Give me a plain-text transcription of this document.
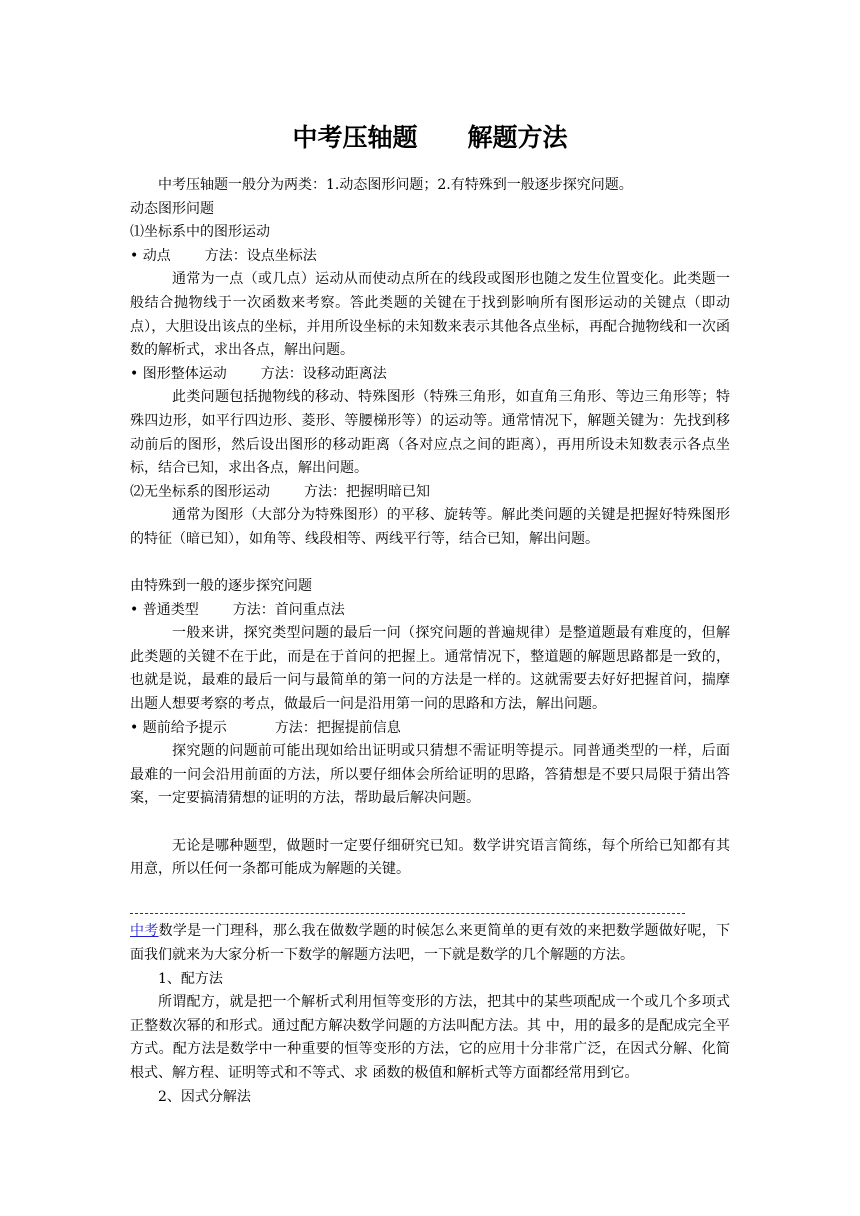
中考压轴题　　解题方法

中考压轴题一般分为两类：1.动态图形问题；2.有特殊到一般逐步探究问题。

动态图形问题

⑴坐标系中的图形运动

• 动点 方法：设点坐标法

通常为一点（或几点）运动从而使动点所在的线段或图形也随之发生位置变化。此类题一般结合抛物线于一次函数来考察。答此类题的关键在于找到影响所有图形运动的关键点（即动点），大胆设出该点的坐标，并用所设坐标的未知数来表示其他各点坐标，再配合抛物线和一次函数的解析式，求出各点，解出问题。

• 图形整体运动 方法：设移动距离法

此类问题包括抛物线的移动、特殊图形（特殊三角形，如直角三角形、等边三角形等；特殊四边形，如平行四边形、菱形、等腰梯形等）的运动等。通常情况下，解题关键为：先找到移动前后的图形，然后设出图形的移动距离（各对应点之间的距离），再用所设未知数表示各点坐标，结合已知，求出各点，解出问题。

⑵无坐标系的图形运动 方法：把握明暗已知

通常为图形（大部分为特殊图形）的平移、旋转等。解此类问题的关键是把握好特殊图形的特征（暗已知），如角等、线段相等、两线平行等，结合已知，解出问题。

由特殊到一般的逐步探究问题

• 普通类型 方法：首问重点法

一般来讲，探究类型问题的最后一问（探究问题的普遍规律）是整道题最有难度的，但解此类题的关键不在于此，而是在于首问的把握上。通常情况下，整道题的解题思路都是一致的，也就是说，最难的最后一问与最简单的第一问的方法是一样的。这就需要去好好把握首问，揣摩出题人想要考察的考点，做最后一问是沿用第一问的思路和方法，解出问题。

• 题前给予提示	方法：把握提前信息

探究题的问题前可能出现如给出证明或只猜想不需证明等提示。同普通类型的一样，后面最难的一问会沿用前面的方法，所以要仔细体会所给证明的思路，答猜想是不要只局限于猜出答案，一定要搞清猜想的证明的方法，帮助最后解决问题。

无论是哪种题型，做题时一定要仔细研究已知。数学讲究语言简练，每个所给已知都有其用意，所以任何一条都可能成为解题的关键。

中考数学是一门理科，那么我在做数学题的时候怎么来更简单的更有效的来把数学题做好呢，下面我们就来为大家分析一下数学的解题方法吧，一下就是数学的几个解题的方法。

1、配方法

所谓配方，就是把一个解析式利用恒等变形的方法，把其中的某些项配成一个或几个多项式正整数次幂的和形式。通过配方解决数学问题的方法叫配方法。其 中，用的最多的是配成完全平方式。配方法是数学中一种重要的恒等变形的方法，它的应用十分非常广泛，在因式分解、化简根式、解方程、证明等式和不等式、求 函数的极值和解析式等方面都经常用到它。

2、因式分解法
